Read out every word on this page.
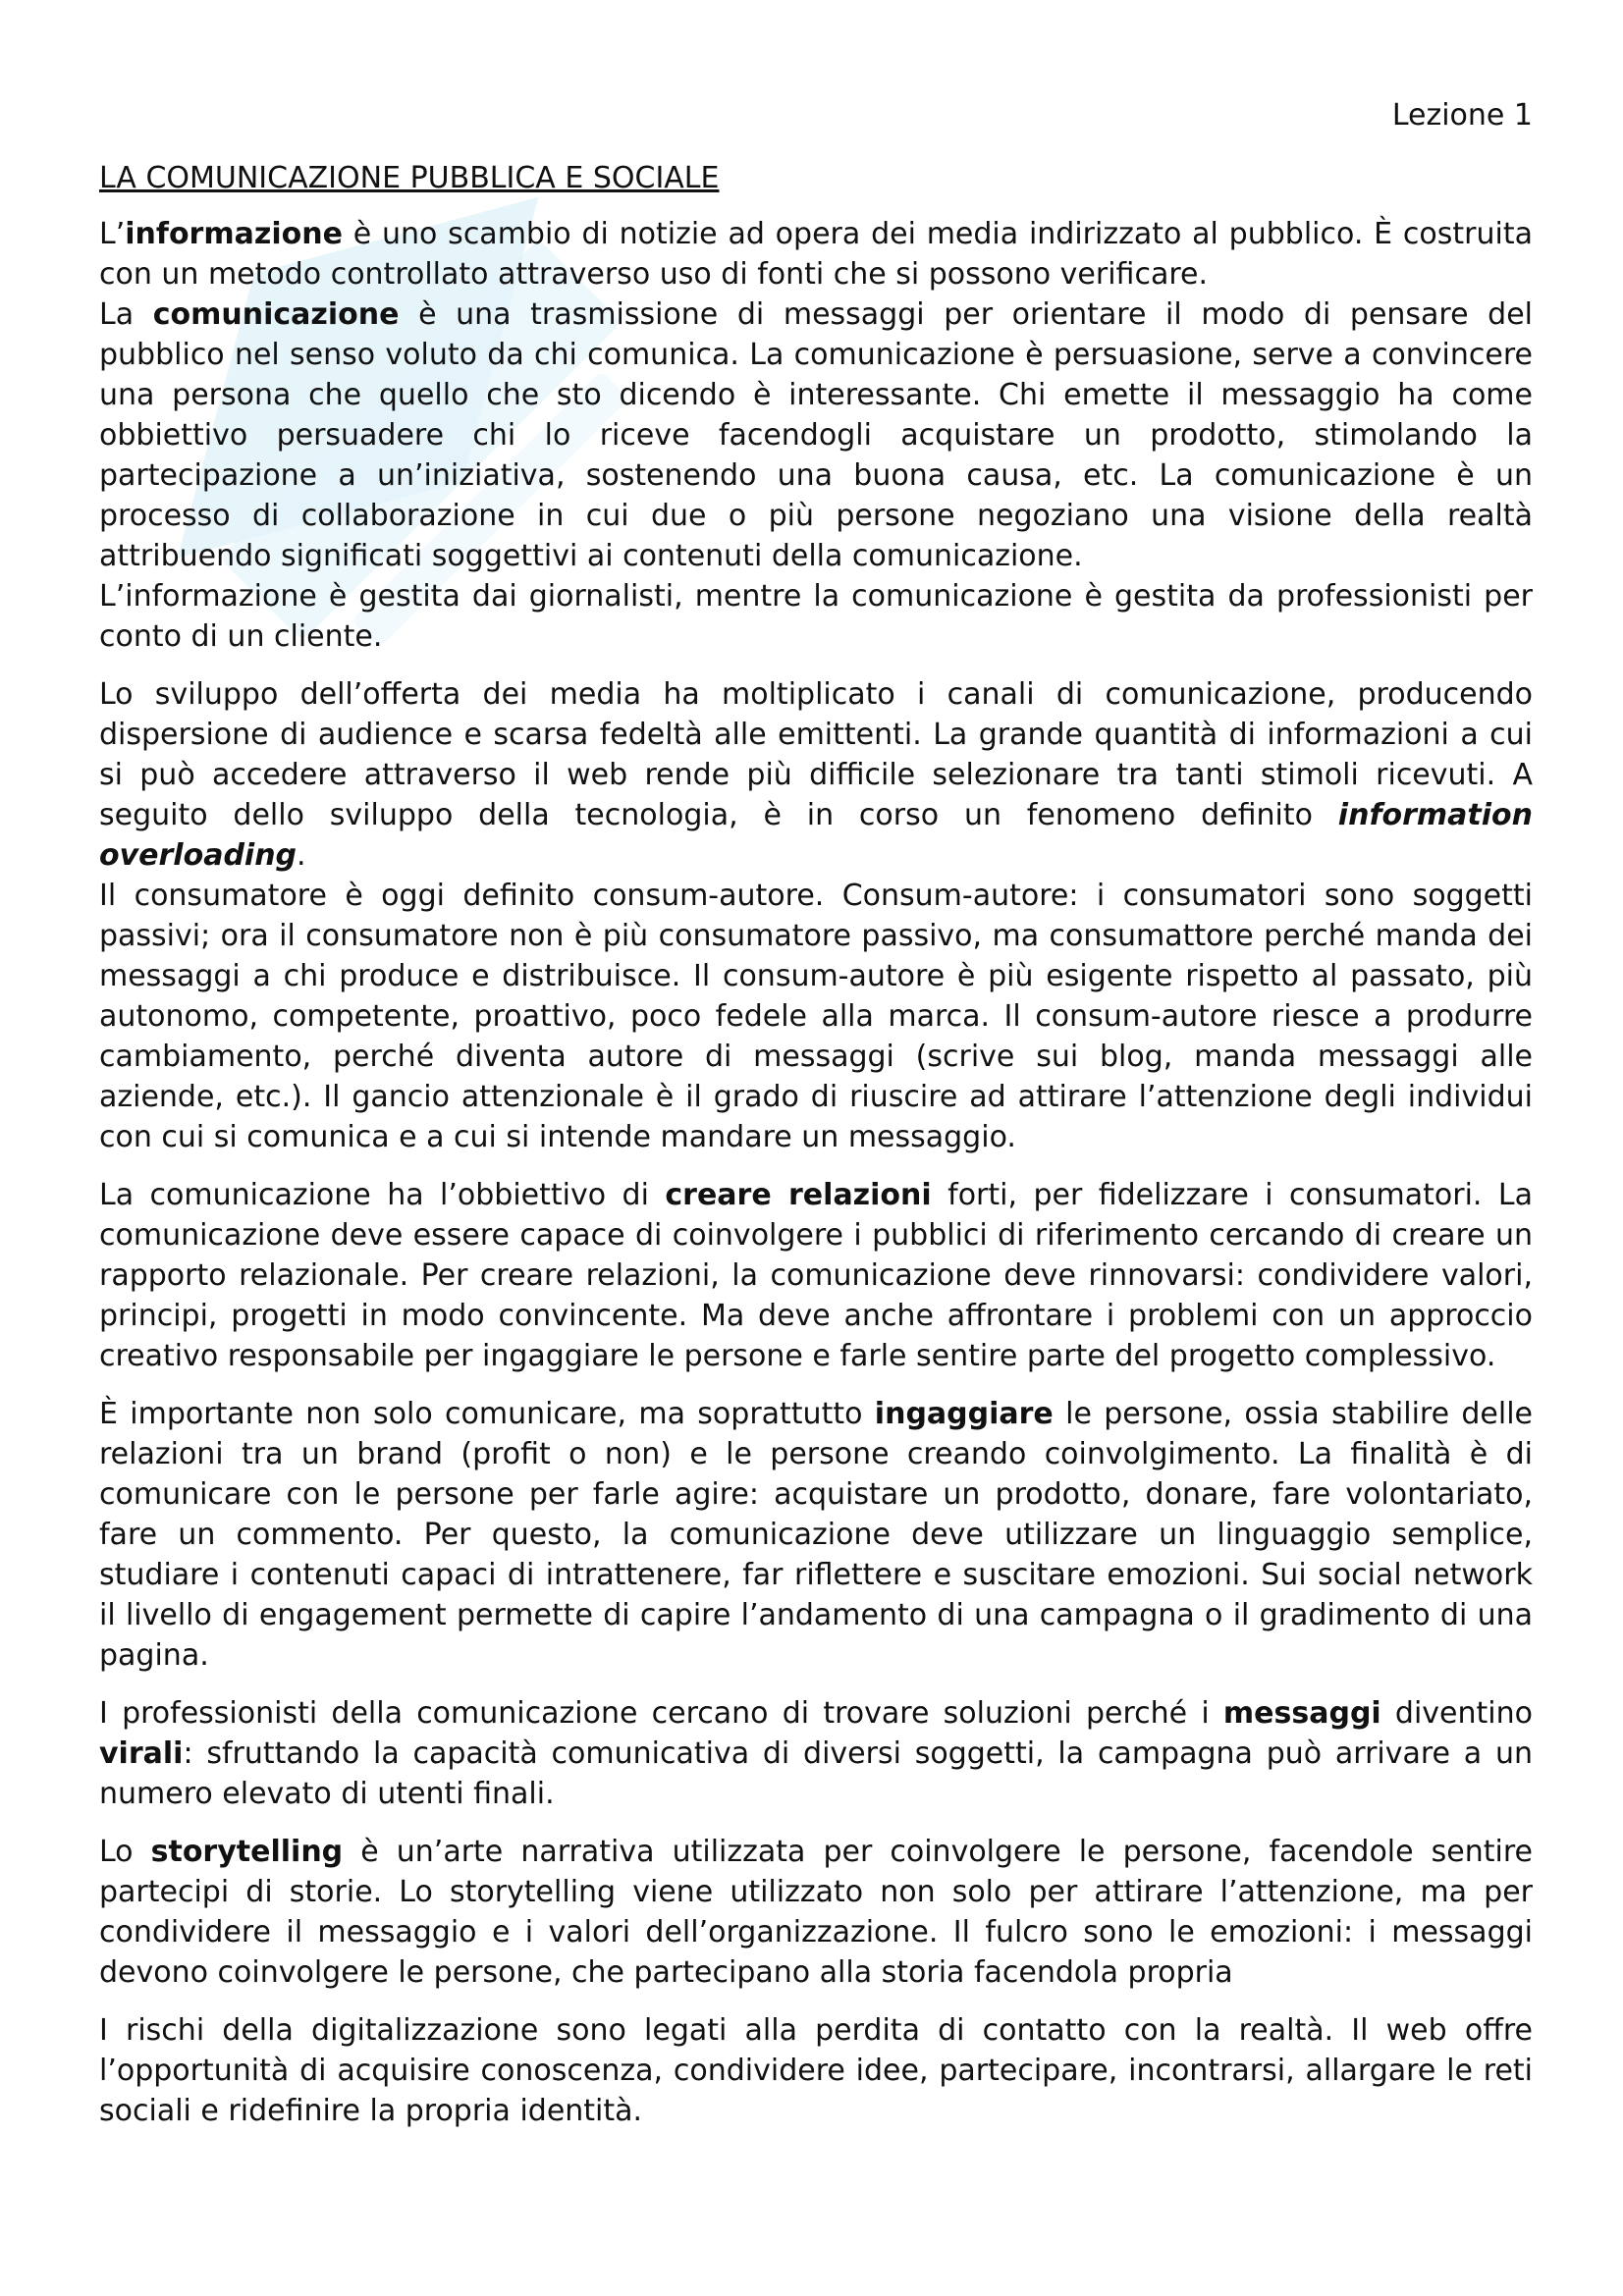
Lezione 1

LA COMUNICAZIONE PUBBLICA E SOCIALE

L’informazione è uno scambio di notizie ad opera dei media indirizzato al pubblico. È costruita con un metodo controllato attraverso uso di fonti che si possono verificare.

La comunicazione è una trasmissione di messaggi per orientare il modo di pensare del pubblico nel senso voluto da chi comunica. La comunicazione è persuasione, serve a convincere una persona che quello che sto dicendo è interessante. Chi emette il messaggio ha come obbiettivo persuadere chi lo riceve facendogli acquistare un prodotto, stimolando la partecipazione a un’iniziativa, sostenendo una buona causa, etc. La comunicazione è un processo di collaborazione in cui due o più persone negoziano una visione della realtà attribuendo significati soggettivi ai contenuti della comunicazione.

L’informazione è gestita dai giornalisti, mentre la comunicazione è gestita da professionisti per conto di un cliente.

Lo sviluppo dell’offerta dei media ha moltiplicato i canali di comunicazione, producendo dispersione di audience e scarsa fedeltà alle emittenti. La grande quantità di informazioni a cui si può accedere attraverso il web rende più difficile selezionare tra tanti stimoli ricevuti. A seguito dello sviluppo della tecnologia, è in corso un fenomeno definito information overloading.

Il consumatore è oggi definito consum-autore. Consum-autore: i consumatori sono soggetti passivi; ora il consumatore non è più consumatore passivo, ma consumattore perché manda dei messaggi a chi produce e distribuisce. Il consum-autore è più esigente rispetto al passato, più autonomo, competente, proattivo, poco fedele alla marca. Il consum-autore riesce a produrre cambiamento, perché diventa autore di messaggi (scrive sui blog, manda messaggi alle aziende, etc.). Il gancio attenzionale è il grado di riuscire ad attirare l’attenzione degli individui con cui si comunica e a cui si intende mandare un messaggio.

La comunicazione ha l’obbiettivo di creare relazioni forti, per fidelizzare i consumatori. La comunicazione deve essere capace di coinvolgere i pubblici di riferimento cercando di creare un rapporto relazionale. Per creare relazioni, la comunicazione deve rinnovarsi: condividere valori, principi, progetti in modo convincente. Ma deve anche affrontare i problemi con un approccio creativo responsabile per ingaggiare le persone e farle sentire parte del progetto complessivo.

È importante non solo comunicare, ma soprattutto ingaggiare le persone, ossia stabilire delle relazioni tra un brand (profit o non) e le persone creando coinvolgimento. La finalità è di comunicare con le persone per farle agire: acquistare un prodotto, donare, fare volontariato, fare un commento. Per questo, la comunicazione deve utilizzare un linguaggio semplice, studiare i contenuti capaci di intrattenere, far riflettere e suscitare emozioni. Sui social network il livello di engagement permette di capire l’andamento di una campagna o il gradimento di una pagina.

I professionisti della comunicazione cercano di trovare soluzioni perché i messaggi diventino virali: sfruttando la capacità comunicativa di diversi soggetti, la campagna può arrivare a un numero elevato di utenti finali.

Lo storytelling è un’arte narrativa utilizzata per coinvolgere le persone, facendole sentire partecipi di storie. Lo storytelling viene utilizzato non solo per attirare l’attenzione, ma per condividere il messaggio e i valori dell’organizzazione. Il fulcro sono le emozioni: i messaggi devono coinvolgere le persone, che partecipano alla storia facendola propria

I rischi della digitalizzazione sono legati alla perdita di contatto con la realtà. Il web offre l’opportunità di acquisire conoscenza, condividere idee, partecipare, incontrarsi, allargare le reti sociali e ridefinire la propria identità.
